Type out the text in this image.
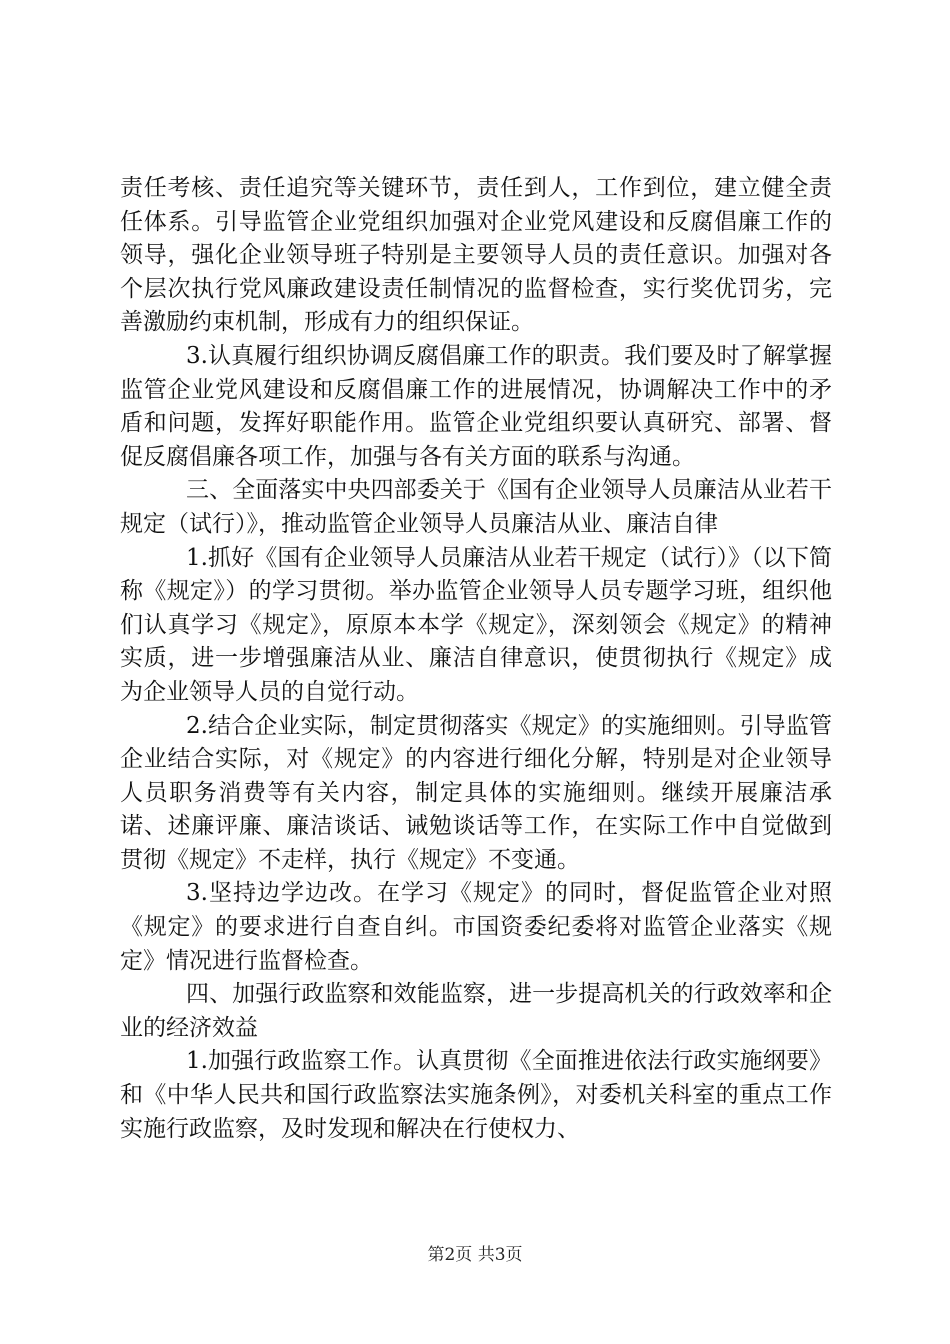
责任考核、责任追究等关键环节，责任到人，工作到位，建立健全责任体系。引导监管企业党组织加强对企业党风建设和反腐倡廉工作的领导，强化企业领导班子特别是主要领导人员的责任意识。加强对各个层次执行党风廉政建设责任制情况的监督检查，实行奖优罚劣，完善激励约束机制，形成有力的组织保证。

3.认真履行组织协调反腐倡廉工作的职责。我们要及时了解掌握监管企业党风建设和反腐倡廉工作的进展情况，协调解决工作中的矛盾和问题，发挥好职能作用。监管企业党组织要认真研究、部署、督促反腐倡廉各项工作，加强与各有关方面的联系与沟通。

三、全面落实中央四部委关于《国有企业领导人员廉洁从业若干规定（试行）》，推动监管企业领导人员廉洁从业、廉洁自律

1.抓好《国有企业领导人员廉洁从业若干规定（试行）》（以下简称《规定》）的学习贯彻。举办监管企业领导人员专题学习班，组织他们认真学习《规定》，原原本本学《规定》，深刻领会《规定》的精神实质，进一步增强廉洁从业、廉洁自律意识，使贯彻执行《规定》成为企业领导人员的自觉行动。

2.结合企业实际，制定贯彻落实《规定》的实施细则。引导监管企业结合实际，对《规定》的内容进行细化分解，特别是对企业领导人员职务消费等有关内容，制定具体的实施细则。继续开展廉洁承诺、述廉评廉、廉洁谈话、诫勉谈话等工作，在实际工作中自觉做到贯彻《规定》不走样，执行《规定》不变通。

3.坚持边学边改。在学习《规定》的同时，督促监管企业对照《规定》的要求进行自查自纠。市国资委纪委将对监管企业落实《规定》情况进行监督检查。

四、加强行政监察和效能监察，进一步提高机关的行政效率和企业的经济效益

1.加强行政监察工作。认真贯彻《全面推进依法行政实施纲要》和《中华人民共和国行政监察法实施条例》，对委机关科室的重点工作实施行政监察，及时发现和解决在行使权力、

第2页 共3页
